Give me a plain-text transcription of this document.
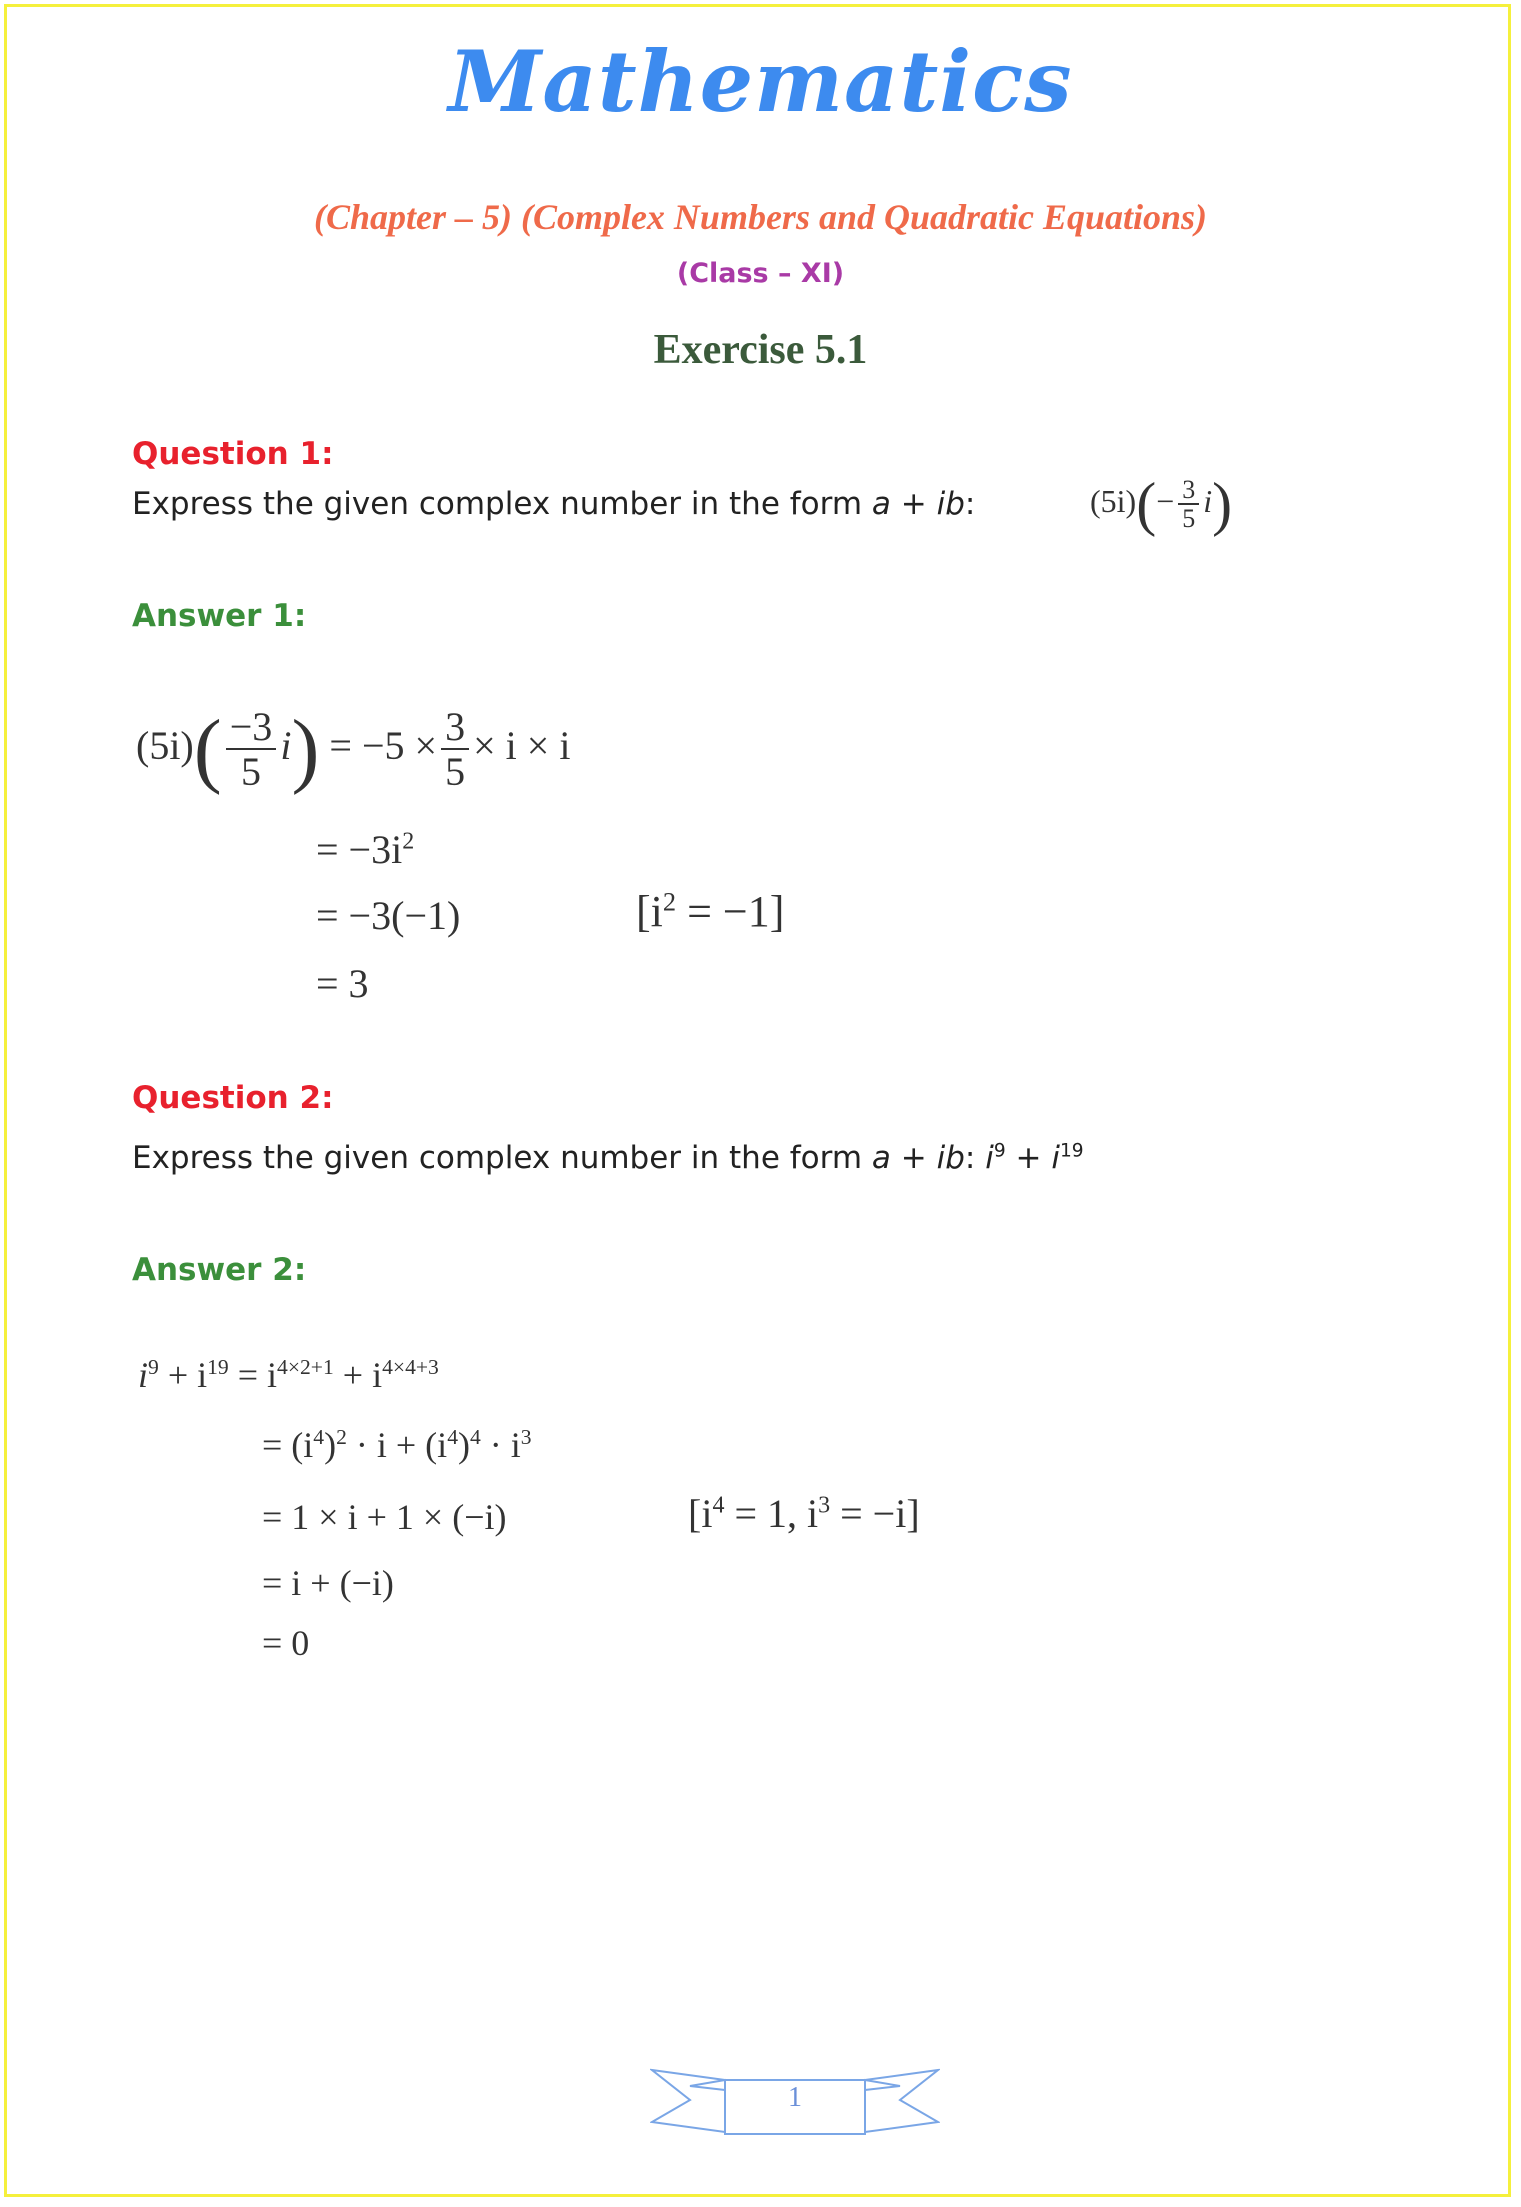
Mathematics
(Chapter – 5) (Complex Numbers and Quadratic Equations)
(Class – XI)
Exercise 5.1
Question 1:
Express the given complex number in the form a + ib:	$(5i)(- \frac{3}{5} i)$
Answer 1:
$(5i)( \frac{-3}{5} i) = -5 \times \frac{3}{5} \times i \times i$
= $-3i^2$
= −3(−1)	$[i^2 = -1]$
= 3
Question 2:
Express the given complex number in the form a + ib: $i^9 + i^{19}$
Answer 2:
$i^9 + i^{19} = i^{4\times 2+1} + i^{4\times 4+3}$
= $(i^4)^2 \cdot i + (i^4)^4 \cdot i^3$
= 1 × i + 1 × (−i)	[$i^4 = 1$, $i^3 = -i$]
= i + (−i)
= 0
1
